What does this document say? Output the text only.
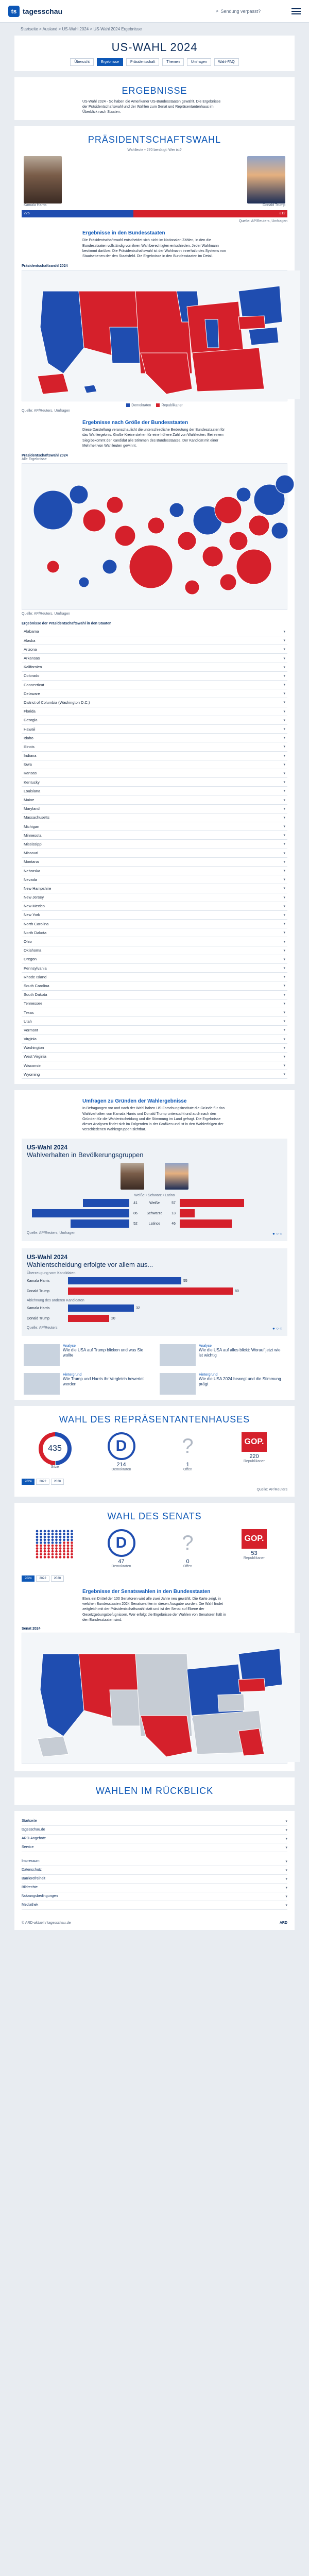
ts tagesschau	⌕ Sendung verpasst?
Startseite > Ausland > US-Wahl 2024 > US-Wahl 2024 Ergebnisse
US-WAHL 2024
Übersicht	Ergebnisse	Präsidentschaft	Themen	Umfragen	Wahl-FAQ
ERGEBNISSE

US-Wahl 2024 - So haben die Amerikaner US-Bundesstaaten gewählt. Die Ergebnisse der Präsidentschaftswahl und der Wahlen zum Senat und Repräsentantenhaus im Überblick nach Staaten.

PRÄSIDENTSCHAFTSWAHL
Wahlleute • 270 benötigt: Wer ist?
Kamala Harris	Donald Trump
226	312
Quelle: AP/Reuters, Umfragen
Ergebnisse in den Bundesstaaten

Die Präsidentschaftswahl entscheidet sich nicht im Nationalen Zählen, in den die Bundesstaaten vollständig von ihren Wahlberechtigten entschieden. Jeder Wahlmann bestimmt darüber. Die Präsidentschaftswahl ist der Wahlmann innerhalb des Systems von Staatsebenen der den Staatsfeld. Die Ergebnisse in den Bundesstaaten im Detail.

Präsidentschaftswahl 2024
Demokraten	Republikaner
Quelle: AP/Reuters, Umfragen
Ergebnisse nach Größe der Bundesstaaten

Diese Darstellung veranschaulicht die unterschiedliche Bedeutung der Bundesstaaten für das Wahlergebnis. Große Kreise stehen für eine höhere Zahl von Wahlleuten. Bei einem Sieg bekommt der Kandidat alle Stimmen des Bundesstaates. Der Kandidat mit einer Mehrheit von Wahlleuten gewinnt.

Präsidentschaftswahl 2024
Alle Ergebnisse
Quelle: AP/Reuters, Umfragen
Ergebnisse der Präsidentschaftswahl in den Staaten
Alabama	▾
Alaska	▾
Arizona	▾
Arkansas	▾
Kalifornien	▾
Colorado	▾
Connecticut	▾
Delaware	▾
District of Columbia (Washington D.C.)	▾
Florida	▾
Georgia	▾
Hawaii	▾
Idaho	▾
Illinois	▾
Indiana	▾
Iowa	▾
Kansas	▾
Kentucky	▾
Louisiana	▾
Maine	▾
Maryland	▾
Massachusetts	▾
Michigan	▾
Minnesota	▾
Mississippi	▾
Missouri	▾
Montana	▾
Nebraska	▾
Nevada	▾
New Hampshire	▾
New Jersey	▾
New Mexico	▾
New York	▾
North Carolina	▾
North Dakota	▾
Ohio	▾
Oklahoma	▾
Oregon	▾
Pennsylvania	▾
Rhode Island	▾
South Carolina	▾
South Dakota	▾
Tennessee	▾
Texas	▾
Utah	▾
Vermont	▾
Virginia	▾
Washington	▾
West Virginia	▾
Wisconsin	▾
Wyoming	▾
Umfragen zu Gründen der Wahlergebnisse

In Befragungen vor und nach der Wahl haben US-Forschungsinstitute die Gründe für das Wahlverhalten von Kamala Harris und Donald Trump untersucht und auch nach den Gründen für die Wahlentscheidung und die Stimmung im Land gefragt. Die Ergebnisse dieser Analysen findet sich im Folgenden in der Grafiken und ist in den Wahlerfolgen der verschiedenen Wählergruppen sichtbar.

US-Wahl 2024
Wahlverhalten in Bevölkerungsgruppen
Weiße • Schwarz • Latino
41	Weiße	57
86	Schwarze	13
52	Latinos	46
Quelle: AP/Reuters, Umfragen	● ○ ○
US-Wahl 2024
Wahlentscheidung erfolgte vor allem aus...
Überzeugung vom Kandidaten
Kamala Harris	55
Donald Trump	80
Ablehnung des anderen Kandidaten
Kamala Harris	32
Donald Trump	20
Quelle: AP/Reuters	● ○ ○
Analyse
Wie die USA auf Trump blicken und was Sie wollte
Analyse
Wie die USA auf alles blickt: Worauf jetzt wie ist wichtig
Hintergrund
Wie Trump und Harris ihr Vergleich bewertet werden
Hintergrund
Wie die USA 2024 bewegt und die Stimmung prägt
WAHL DES REPRÄSENTANTENHAUSES
435
Sitze
D
214
Demokraten
?
1
Offen
GOP.
220
Republikaner
2024	2022	2020
Quelle: AP/Reuters
WAHL DES SENATS
D
47
Demokraten
?
0
Offen
GOP.
53
Republikaner
2024	2022	2020
Ergebnisse der Senatswahlen in den Bundesstaaten

Etwa ein Drittel der 100 Senatoren wird alle zwei Jahre neu gewählt. Die Karte zeigt, in welchen Bundesstaaten 2024 Senatswahlen in diesen Ausgabe wurden. Die Wahl findet zeitgleich mit der Präsidentschaftswahl statt und ist der Senat auf Ebene der Gesetzgebungsbefugnissen. Wer erfolgt die Ergebnisse der Wahlen von Senatoren hält in den Bundesstaaten sind.

Senat 2024
WAHLEN IM RÜCKBLICK
Startseite	▾
tagesschau.de	▾
ARD-Angebote	▾
Service	▾
Impressum	▾
Datenschutz	▾
Barrierefreiheit	▾
Bildrechte	▾
Nutzungsbedingungen	▾
Mediathek	▾
© ARD-aktuell / tagesschau.de	ARD
